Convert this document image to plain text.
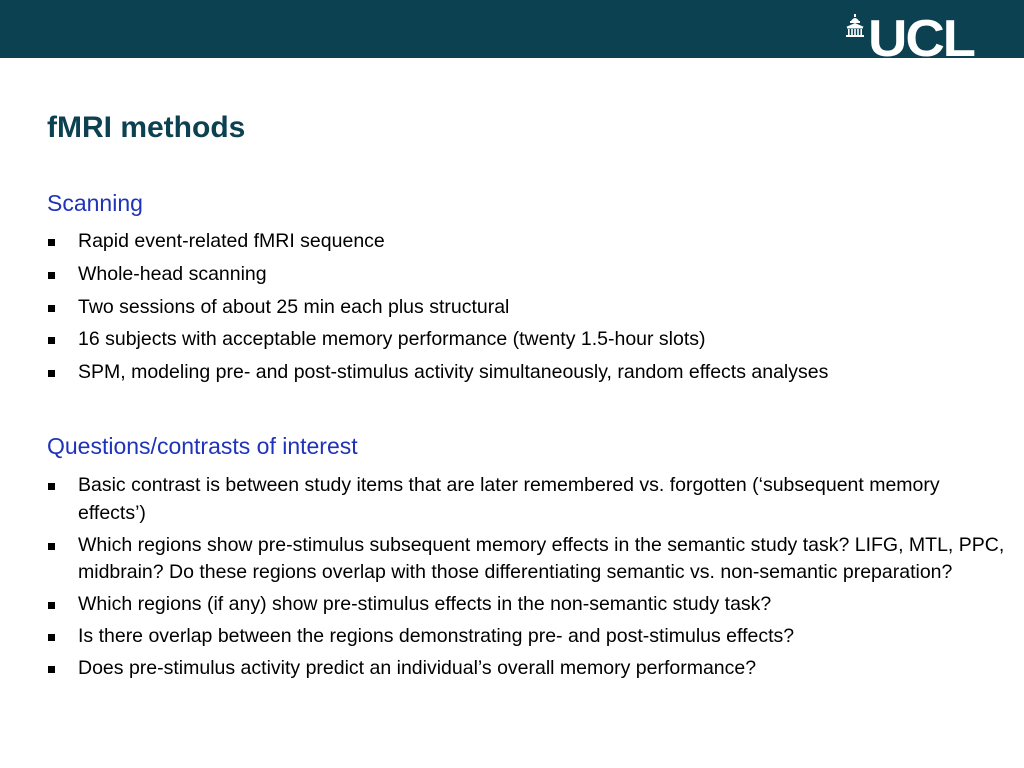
UCL
fMRI methods
Scanning
Rapid event-related fMRI sequence
Whole-head scanning
Two sessions of about 25 min each plus structural
16 subjects with acceptable memory performance (twenty 1.5-hour slots)
SPM, modeling pre- and post-stimulus activity simultaneously, random effects analyses
Questions/contrasts of interest
Basic contrast is between study items that are later remembered vs. forgotten (‘subsequent memory effects’)
Which regions show pre-stimulus subsequent memory effects in the semantic study task? LIFG, MTL, PPC, midbrain? Do these regions overlap with those differentiating semantic vs. non-semantic preparation?
Which regions (if any) show pre-stimulus effects in the non-semantic study task?
Is there overlap between the regions demonstrating pre- and post-stimulus effects?
Does pre-stimulus activity predict an individual’s overall memory performance?
